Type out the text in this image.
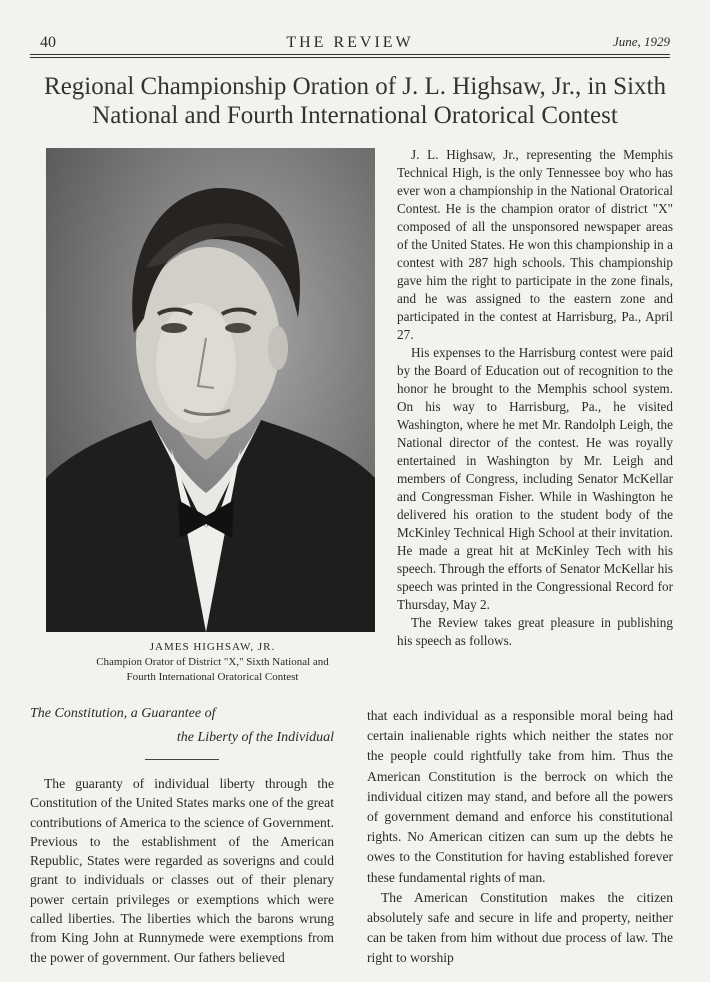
40	THE REVIEW	June, 1929
Regional Championship Oration of J. L. Highsaw, Jr., in Sixth National and Fourth International Oratorical Contest
JAMES HIGHSAW, JR.
Champion Orator of District "X," Sixth National and
Fourth International Oratorical Contest

J. L. Highsaw, Jr., representing the Memphis Technical High, is the only Tennessee boy who has ever won a championship in the National Oratorical Contest. He is the champion orator of district "X" composed of all the unsponsored newspaper areas of the United States. He won this championship in a contest with 287 high schools. This championship gave him the right to participate in the zone finals, and he was assigned to the eastern zone and participated in the contest at Harrisburg, Pa., April 27.

His expenses to the Harrisburg contest were paid by the Board of Education out of recognition to the honor he brought to the Memphis school system. On his way to Harrisburg, Pa., he visited Washington, where he met Mr. Randolph Leigh, the National director of the contest. He was royally entertained in Washington by Mr. Leigh and members of Congress, including Senator McKellar and Congressman Fisher. While in Washington he delivered his oration to the student body of the McKinley Technical High School at their invitation. He made a great hit at McKinley Tech with his speech. Through the efforts of Senator McKellar his speech was printed in the Congressional Record for Thursday, May 2.

The Review takes great pleasure in publishing his speech as follows.

The Constitution, a Guarantee of
the Liberty of the Individual

The guaranty of individual liberty through the Constitution of the United States marks one of the great contributions of America to the science of Government. Previous to the establishment of the American Republic, States were regarded as soverigns and could grant to individuals or classes out of their plenary power certain privileges or exemptions which were called liberties. The liberties which the barons wrung from King John at Runnymede were exemptions from the power of government. Our fathers believed

that each individual as a responsible moral being had certain inalienable rights which neither the states nor the people could rightfully take from him. Thus the American Constitution is the berrock on which the individual citizen may stand, and before all the powers of government demand and enforce his constitutional rights. No American citizen can sum up the debts he owes to the Constitution for having established forever these fundamental rights of man.

The American Constitution makes the citizen absolutely safe and secure in life and property, neither can be taken from him without due process of law. The right to worship
